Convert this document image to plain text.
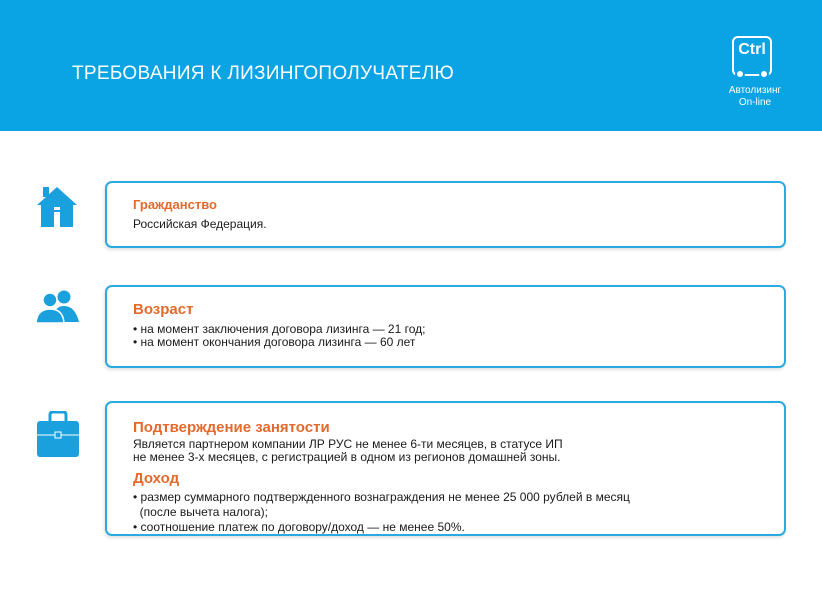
ТРЕБОВАНИЯ К ЛИЗИНГОПОЛУЧАТЕЛЮ
Ctrl
Автолизинг
On-line
Гражданство
Российская Федерация.
Возраст
• на момент заключения договора лизинга — 21 год;
• на момент окончания договора лизинга — 60 лет
Подтверждение занятости
Является партнером компании ЛР РУС не менее 6-ти месяцев, в статусе ИП
не менее 3-х месяцев, с регистрацией в одном из регионов домашней зоны.
Доход
• размер суммарного подтвержденного вознаграждения не менее 25 000 рублей в месяц
(после вычета налога);
• соотношение платеж по договору/доход — не менее 50%.
